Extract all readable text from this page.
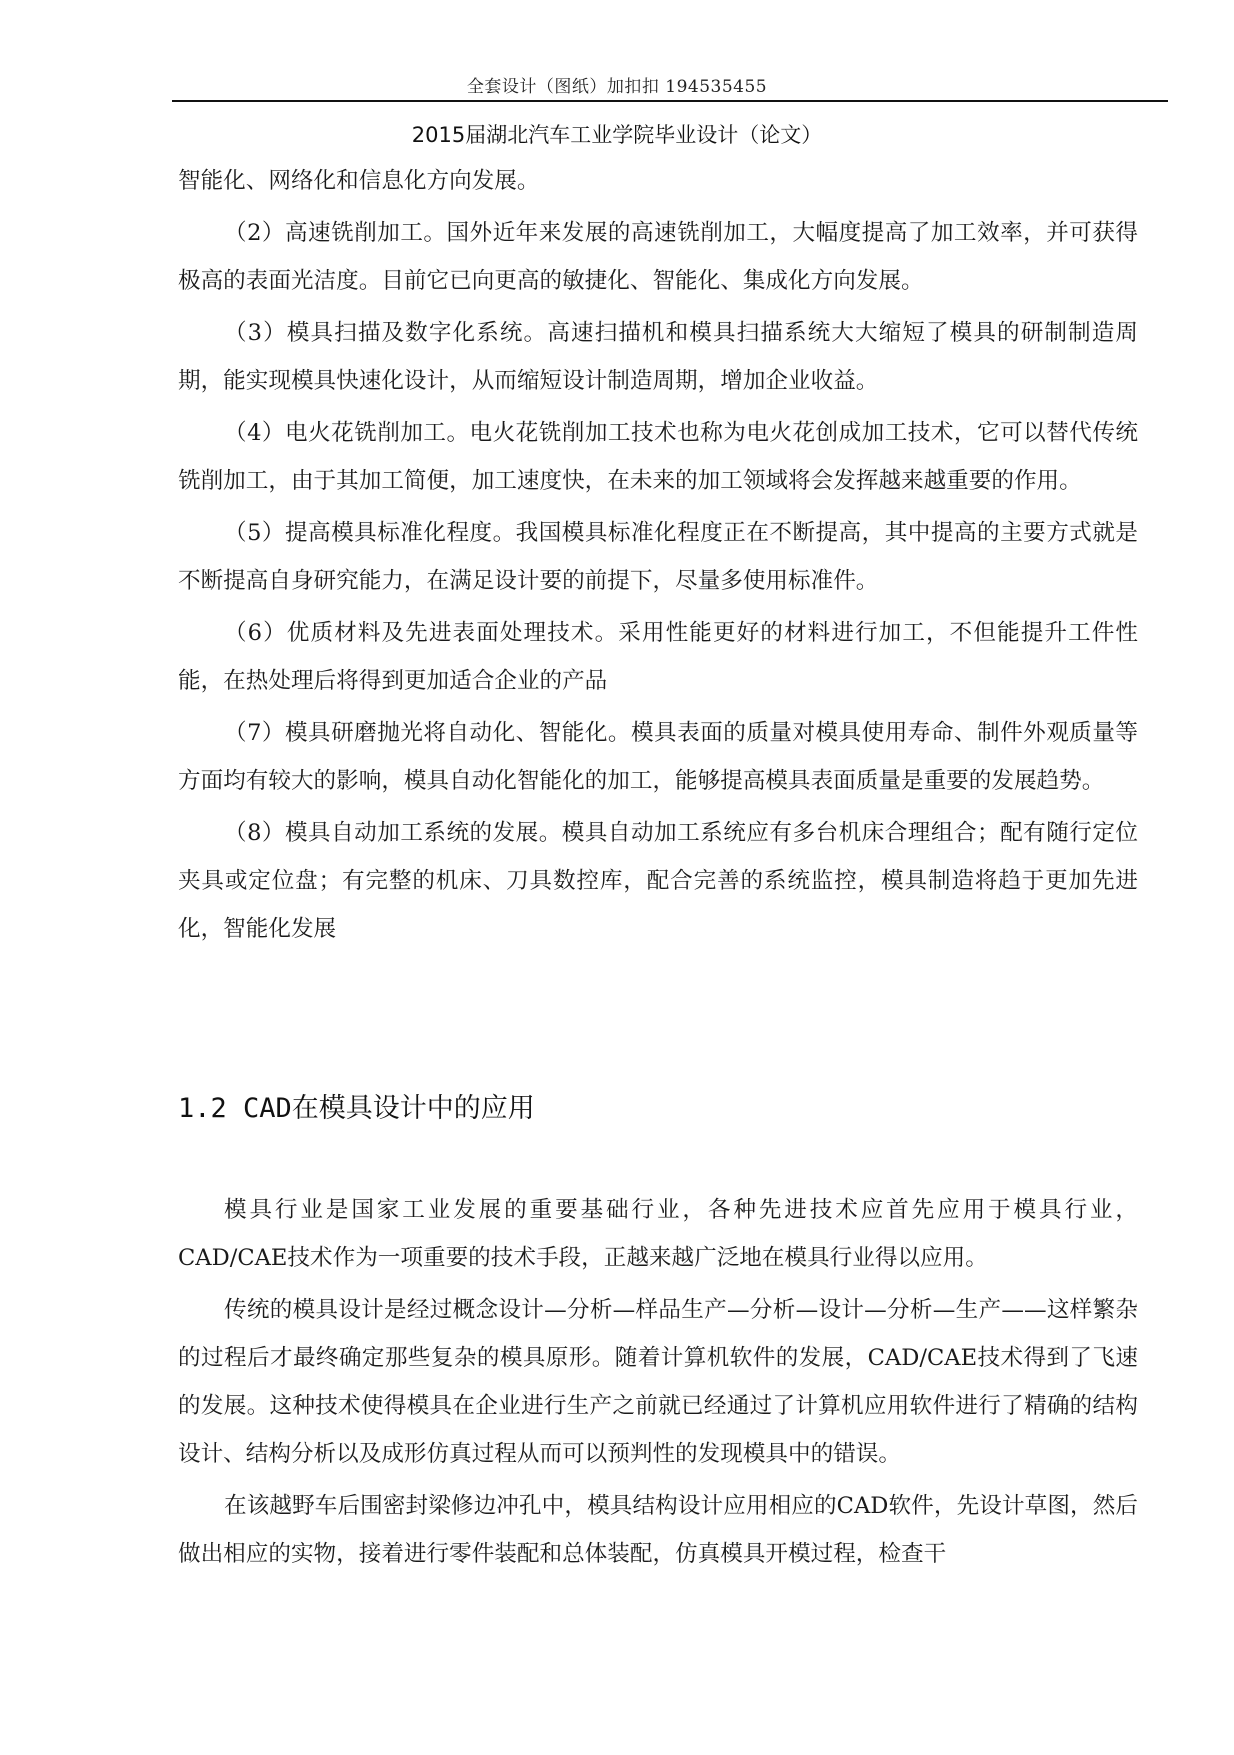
全套设计（图纸）加扣扣 194535455
2015届湖北汽车工业学院毕业设计（论文）

智能化、网络化和信息化方向发展。

（2）高速铣削加工。国外近年来发展的高速铣削加工，大幅度提高了加工效率，并可获得极高的表面光洁度。目前它已向更高的敏捷化、智能化、集成化方向发展。

（3）模具扫描及数字化系统。高速扫描机和模具扫描系统大大缩短了模具的研制制造周期，能实现模具快速化设计，从而缩短设计制造周期，增加企业收益。

（4）电火花铣削加工。电火花铣削加工技术也称为电火花创成加工技术，它可以替代传统铣削加工，由于其加工简便，加工速度快，在未来的加工领域将会发挥越来越重要的作用。

（5）提高模具标准化程度。我国模具标准化程度正在不断提高，其中提高的主要方式就是不断提高自身研究能力，在满足设计要的前提下，尽量多使用标准件。

（6）优质材料及先进表面处理技术。采用性能更好的材料进行加工，不但能提升工件性能，在热处理后将得到更加适合企业的产品

（7）模具研磨抛光将自动化、智能化。模具表面的质量对模具使用寿命、制件外观质量等方面均有较大的影响，模具自动化智能化的加工，能够提高模具表面质量是重要的发展趋势。

（8）模具自动加工系统的发展。模具自动加工系统应有多台机床合理组合；配有随行定位夹具或定位盘；有完整的机床、刀具数控库，配合完善的系统监控，模具制造将趋于更加先进化，智能化发展

1.2 CAD在模具设计中的应用

模具行业是国家工业发展的重要基础行业，各种先进技术应首先应用于模具行业，CAD/CAE技术作为一项重要的技术手段，正越来越广泛地在模具行业得以应用。

传统的模具设计是经过概念设计—分析—样品生产—分析—设计—分析—生产——这样繁杂的过程后才最终确定那些复杂的模具原形。随着计算机软件的发展，CAD/CAE技术得到了飞速的发展。这种技术使得模具在企业进行生产之前就已经通过了计算机应用软件进行了精确的结构设计、结构分析以及成形仿真过程从而可以预判性的发现模具中的错误。

在该越野车后围密封梁修边冲孔中，模具结构设计应用相应的CAD软件，先设计草图，然后做出相应的实物，接着进行零件装配和总体装配，仿真模具开模过程，检查干
